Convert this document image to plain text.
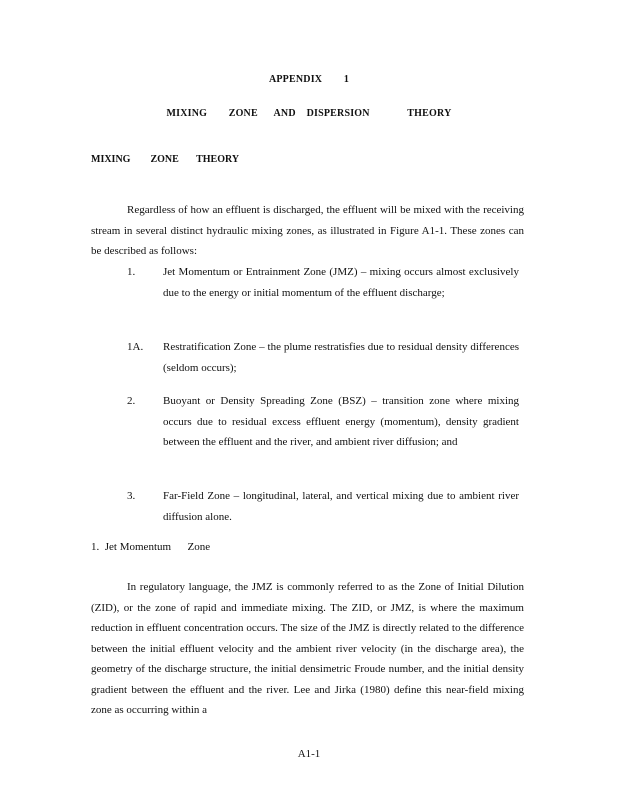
APPENDIX        1
MIXING        ZONE      AND    DISPERSION              THEORY
MIXING        ZONE       THEORY

Regardless of how an effluent is discharged, the effluent will be mixed with the receiving stream in several distinct hydraulic mixing zones, as illustrated in Figure A1-1. These zones can be described as follows:

1.	Jet Momentum or Entrainment Zone (JMZ) – mixing occurs almost exclusively due to the energy or initial momentum of the effluent discharge;
1A.	Restratification Zone – the plume restratisfies due to residual density differences (seldom occurs);
2.	Buoyant or Density Spreading Zone (BSZ) – transition zone where mixing occurs due to residual excess effluent energy (momentum), density gradient between the effluent and the river, and ambient river diffusion; and
3.	Far-Field Zone – longitudinal, lateral, and vertical mixing due to ambient river diffusion alone.
1.  Jet Momentum      Zone

In regulatory language, the JMZ is commonly referred to as the Zone of Initial Dilution (ZID), or the zone of rapid and immediate mixing. The ZID, or JMZ, is where the maximum reduction in effluent concentration occurs. The size of the JMZ is directly related to the difference between the initial effluent velocity and the ambient river velocity (in the discharge area), the geometry of the discharge structure, the initial densimetric Froude number, and the initial density gradient between the effluent and the river. Lee and Jirka (1980) define this near-field mixing zone as occurring within a

A1-1
